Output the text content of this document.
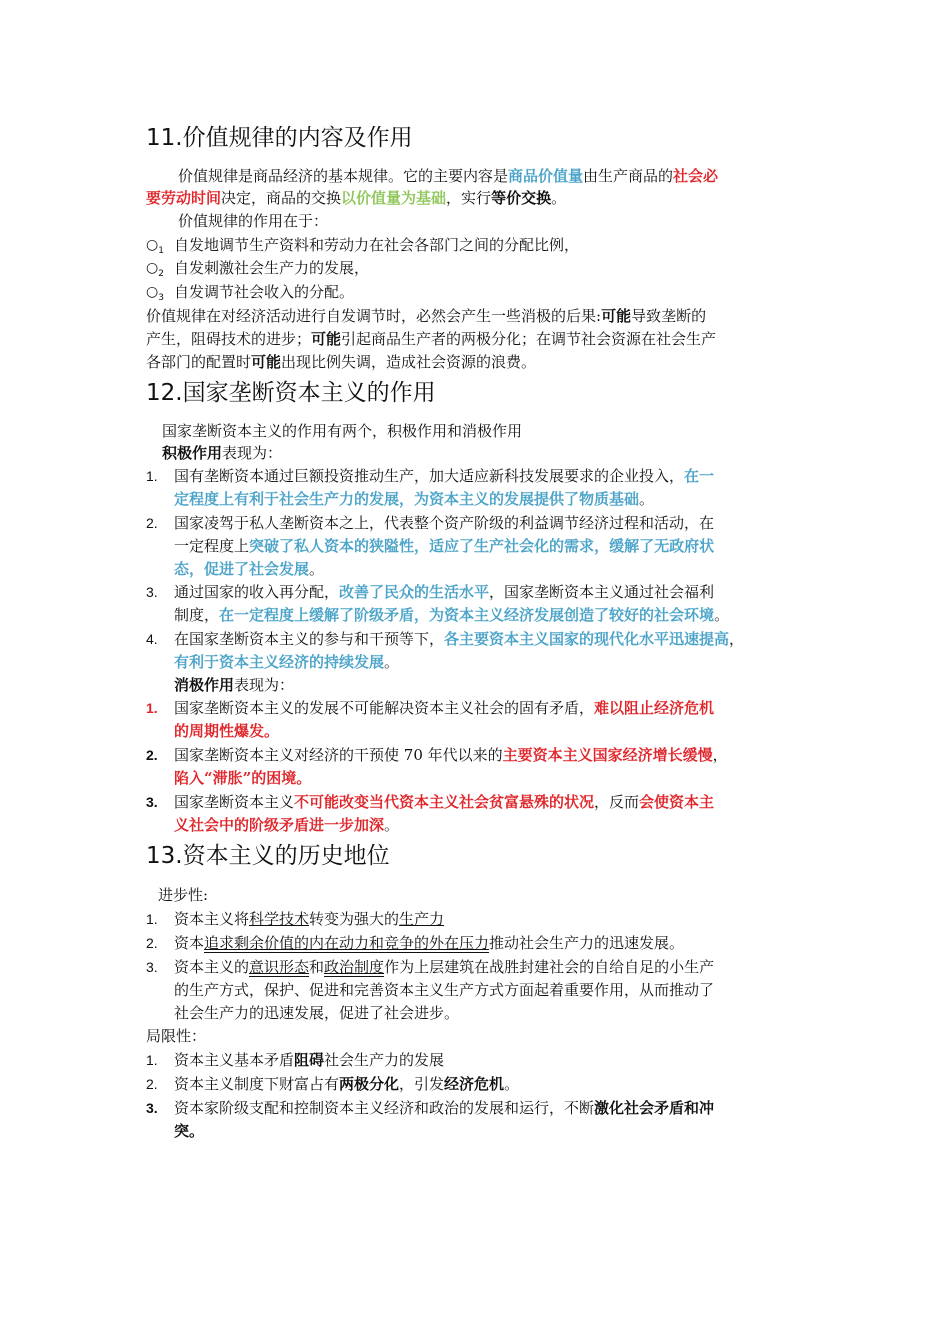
11.价值规律的内容及作用
价值规律是商品经济的基本规律。它的主要内容是商品价值量由生产商品的社会必
要劳动时间决定，商品的交换以价值量为基础，实行等价交换。
价值规律的作用在于：
$○_1$ 自发地调节生产资料和劳动力在社会各部门之间的分配比例，
$○_2$ 自发刺激社会生产力的发展，
$○_3$ 自发调节社会收入的分配。
价值规律在对经济活动进行自发调节时，必然会产生一些消极的后果:可能导致垄断的
产生，阻碍技术的进步；可能引起商品生产者的两极分化；在调节社会资源在社会生产
各部门的配置时可能出现比例失调，造成社会资源的浪费。
12.国家垄断资本主义的作用
国家垄断资本主义的作用有两个，积极作用和消极作用
积极作用表现为：
1. 国有垄断资本通过巨额投资推动生产，加大适应新科技发展要求的企业投入，在一
定程度上有利于社会生产力的发展，为资本主义的发展提供了物质基础。
2. 国家凌驾于私人垄断资本之上，代表整个资产阶级的利益调节经济过程和活动，在
一定程度上突破了私人资本的狭隘性，适应了生产社会化的需求，缓解了无政府状
态，促进了社会发展。
3. 通过国家的收入再分配，改善了民众的生活水平，国家垄断资本主义通过社会福利
制度，在一定程度上缓解了阶级矛盾，为资本主义经济发展创造了较好的社会环境。
4. 在国家垄断资本主义的参与和干预等下，各主要资本主义国家的现代化水平迅速提高，
有利于资本主义经济的持续发展。
消极作用表现为：
1. 国家垄断资本主义的发展不可能解决资本主义社会的固有矛盾，难以阻止经济危机
的周期性爆发。
2. 国家垄断资本主义对经济的干预使 70 年代以来的主要资本主义国家经济增长缓慢，
陷入“滞胀”的困境。
3. 国家垄断资本主义不可能改变当代资本主义社会贫富悬殊的状况，反而会使资本主
义社会中的阶级矛盾进一步加深。
13.资本主义的历史地位
进步性:
1. 资本主义将科学技术转变为强大的生产力
2. 资本追求剩余价值的内在动力和竞争的外在压力推动社会生产力的迅速发展。
3. 资本主义的意识形态和政治制度作为上层建筑在战胜封建社会的自给自足的小生产
的生产方式，保护、促进和完善资本主义生产方式方面起着重要作用，从而推动了
社会生产力的迅速发展，促进了社会进步。
局限性：
1. 资本主义基本矛盾阻碍社会生产力的发展
2. 资本主义制度下财富占有两极分化，引发经济危机。
3. 资本家阶级支配和控制资本主义经济和政治的发展和运行，不断激化社会矛盾和冲
突。
